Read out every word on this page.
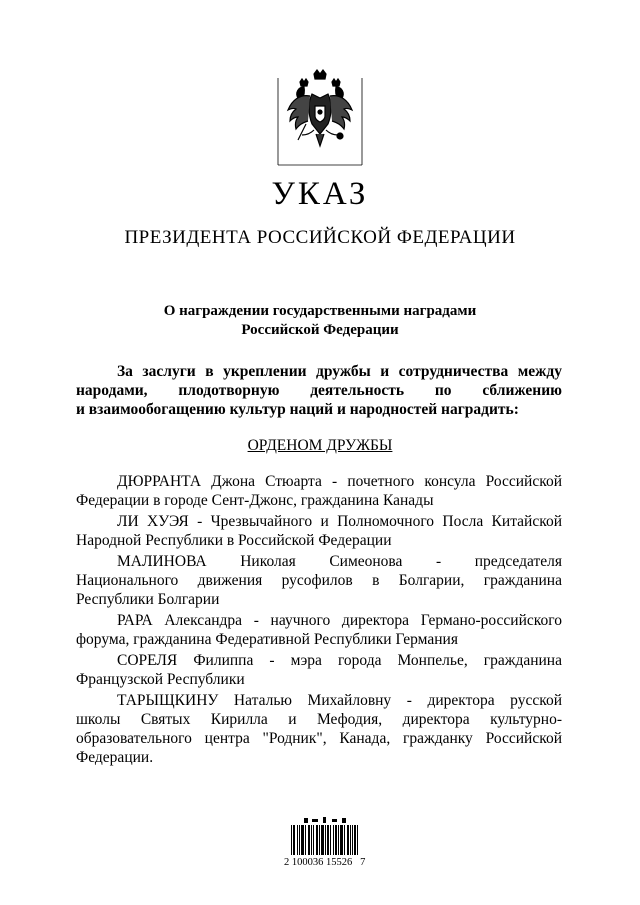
УКАЗ
ПРЕЗИДЕНТА РОССИЙСКОЙ ФЕДЕРАЦИИ
О награждении государственными наградами
Российской Федерации
За заслуги в укреплении дружбы и сотрудничества между
народами, плодотворную деятельность по сближению
и взаимообогащению культур наций и народностей наградить:
ОРДЕНОМ ДРУЖБЫ
ДЮРРАНТА Джона Стюарта - почетного консула Российской
Федерации в городе Сент-Джонс, гражданина Канады
ЛИ ХУЭЯ - Чрезвычайного и Полномочного Посла Китайской
Народной Республики в Российской Федерации
МАЛИНОВА Николая Симеонова - председателя
Национального движения русофилов в Болгарии, гражданина
Республики Болгарии
РАРА Александра - научного директора Германо-российского
форума, гражданина Федеративной Республики Германия
СОРЕЛЯ Филиппа - мэра города Монпелье, гражданина
Французской Республики
ТАРЫЩКИНУ Наталью Михайловну - директора русской
школы Святых Кирилла и Мефодия, директора культурно-
образовательного центра "Родник", Канада, гражданку Российской
Федерации.
2 100036 15526   7
